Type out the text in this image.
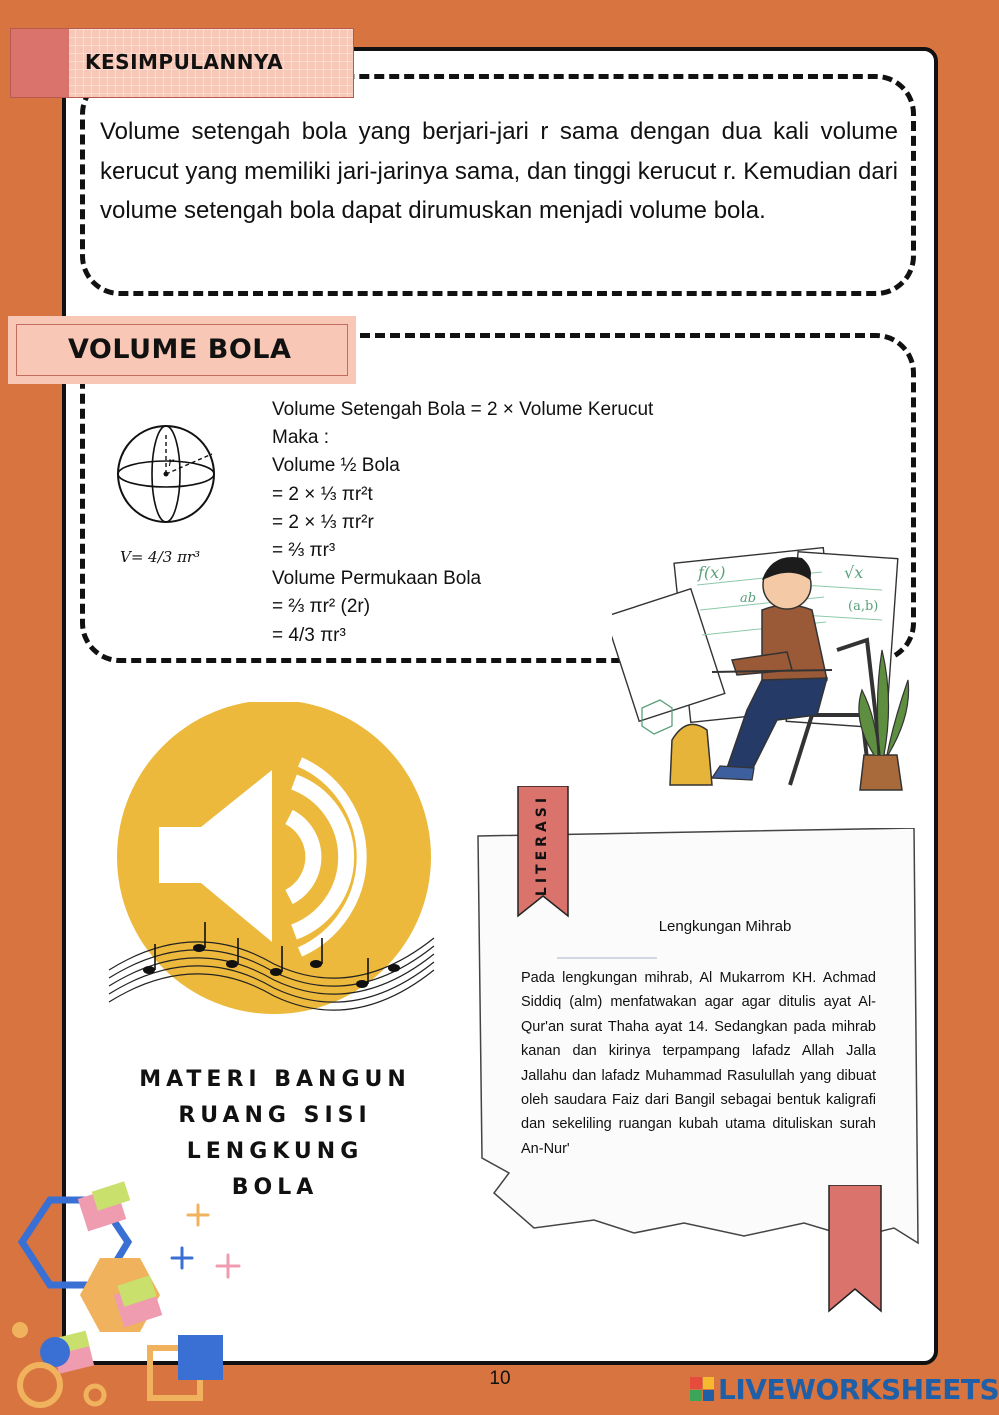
KESIMPULANNYA
Volume setengah bola yang berjari-jari r sama dengan dua kali volume kerucut yang memiliki jari-jarinya sama, dan tinggi kerucut r. Kemudian dari volume setengah bola dapat dirumuskan menjadi volume bola.
VOLUME BOLA
r
V= 4/3 πr³
Volume Setengah Bola = 2 × Volume Kerucut
Maka :
Volume ½ Bola
= 2 × ⅓ πr²t
= 2 × ⅓ πr²r
= ⅔ πr³
Volume Permukaan Bola
= ⅔ πr² (2r)
= 4/3 πr³
f(x)	√x
ab
(a,b)
MATERI BANGUN
RUANG SISI LENGKUNG
BOLA
LITERASI
Lengkungan Mihrab
Pada lengkungan mihrab, Al Mukarrom KH. Achmad Siddiq (alm) menfatwakan agar agar ditulis ayat Al-Qur'an surat Thaha ayat 14. Sedangkan pada mihrab kanan dan kirinya terpampang lafadz Allah Jalla Jallahu dan lafadz Muhammad Rasulullah yang dibuat oleh saudara Faiz dari Bangil sebagai bentuk kaligrafi dan sekeliling ruangan kubah utama dituliskan surah An-Nur'
10	LIVEWORKSHEETS
